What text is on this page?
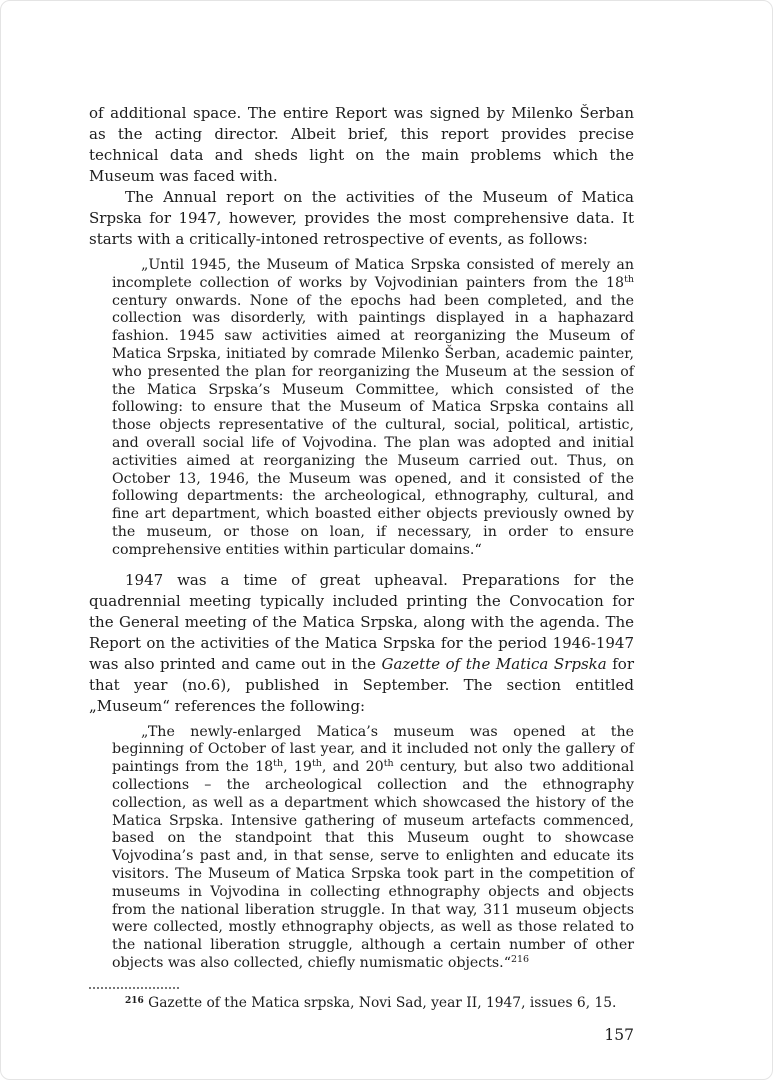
of additional space. The entire Report was signed by Milenko Šerban as the acting director. Albeit brief, this report provides precise technical data and sheds light on the main problems which the Museum was faced with.

The Annual report on the activities of the Museum of Matica Srpska for 1947, however, provides the most comprehensive data. It starts with a critically-intoned retrospective of events, as follows:

„Until 1945, the Museum of Matica Srpska consisted of merely an incomplete collection of works by Vojvodinian painters from the 18th century onwards. None of the epochs had been completed, and the collection was disorderly, with paintings displayed in a haphazard fashion. 1945 saw activities aimed at reorganizing the Museum of Matica Srpska, initiated by comrade Milenko Šerban, academic painter, who presented the plan for reorganizing the Museum at the session of the Matica Srpska’s Museum Committee, which consisted of the following: to ensure that the Museum of Matica Srpska contains all those objects representative of the cultural, social, political, artistic, and overall social life of Vojvodina. The plan was adopted and initial activities aimed at reorganizing the Museum carried out. Thus, on October 13, 1946, the Museum was opened, and it consisted of the following departments: the archeological, ethnography, cultural, and fine art department, which boasted either objects previously owned by the museum, or those on loan, if necessary, in order to ensure comprehensive entities within particular domains.“

1947 was a time of great upheaval. Preparations for the quadrennial meeting typically included printing the Convocation for the General meeting of the Matica Srpska, along with the agenda. The Report on the activities of the Matica Srpska for the period 1946-1947 was also printed and came out in the Gazette of the Matica Srpska for that year (no.6), published in September. The section entitled „Museum“ references the following:

„The newly-enlarged Matica’s museum was opened at the beginning of October of last year, and it included not only the gallery of paintings from the 18th, 19th, and 20th century, but also two additional collections – the archeological collection and the ethnography collection, as well as a department which showcased the history of the Matica Srpska. Intensive gathering of museum artefacts commenced, based on the standpoint that this Museum ought to showcase Vojvodina’s past and, in that sense, serve to enlighten and educate its visitors. The Museum of Matica Srpska took part in the competition of museums in Vojvodina in collecting ethnography objects and objects from the national liberation struggle. In that way, 311 museum objects were collected, mostly ethnography objects, as well as those related to the national liberation struggle, although a certain number of other objects was also collected, chiefly numismatic objects.“$^{216}$

$^{216}$ Gazette of the Matica srpska, Novi Sad, year II, 1947, issues 6, 15.

157
